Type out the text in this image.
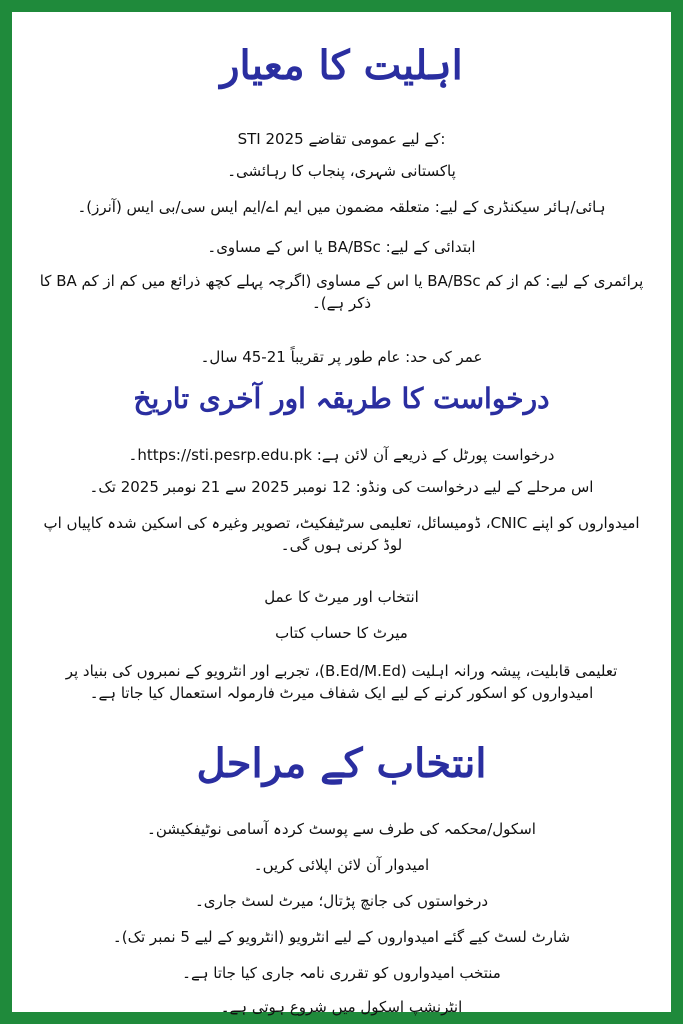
اہلیت کا معیار
STI 2025 کے لیے عمومی تقاضے:
پاکستانی شہری، پنجاب کا رہائشی۔
ہائی/ہائر سیکنڈری کے لیے: متعلقہ مضمون میں ایم اے/ایم ایس سی/بی ایس (آنرز)۔
ابتدائی کے لیے: BA/BSc یا اس کے مساوی۔
پرائمری کے لیے: کم از کم BA/BSc یا اس کے مساوی (اگرچہ پہلے کچھ ذرائع میں کم از کم BA کا ذکر ہے)۔
عمر کی حد: عام طور پر تقریباً 21-45 سال۔
درخواست کا طریقہ اور آخری تاریخ
درخواست پورٹل کے ذریعے آن لائن ہے: https://sti.pesrp.edu.pk۔
اس مرحلے کے لیے درخواست کی ونڈو: 12 نومبر 2025 سے 21 نومبر 2025 تک۔
امیدواروں کو اپنے CNIC، ڈومیسائل، تعلیمی سرٹیفکیٹ، تصویر وغیرہ کی اسکین شدہ کاپیاں اپ لوڈ کرنی ہوں گی۔
انتخاب اور میرٹ کا عمل
میرٹ کا حساب کتاب
تعلیمی قابلیت، پیشہ ورانہ اہلیت (B.Ed/M.Ed)، تجربے اور انٹرویو کے نمبروں کی بنیاد پر امیدواروں کو اسکور کرنے کے لیے ایک شفاف میرٹ فارمولہ استعمال کیا جاتا ہے۔
انتخاب کے مراحل
اسکول/محکمہ کی طرف سے پوسٹ کردہ آسامی نوٹیفکیشن۔
امیدوار آن لائن اپلائی کریں۔
درخواستوں کی جانچ پڑتال؛ میرٹ لسٹ جاری۔
شارٹ لسٹ کیے گئے امیدواروں کے لیے انٹرویو (انٹرویو کے لیے 5 نمبر تک)۔
منتخب امیدواروں کو تقرری نامہ جاری کیا جاتا ہے۔
انٹرنشپ اسکول میں شروع ہوتی ہے۔
